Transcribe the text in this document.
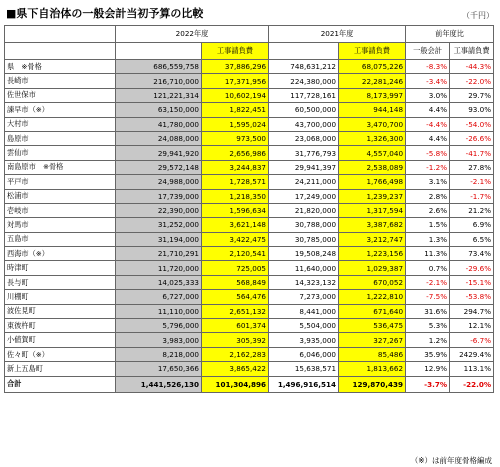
■県下自治体の一般会計当初予算の比較	（千円）
	2022年度		2021年度		前年度比	
		工事請負費		工事請負費	一般会計	工事請負費
県　※骨格	686,559,758	37,886,296	748,631,212	68,075,226	-8.3%	-44.3%
長崎市	216,710,000	17,371,956	224,380,000	22,281,246	-3.4%	-22.0%
佐世保市	121,221,314	10,602,194	117,728,161	8,173,997	3.0%	29.7%
諫早市（※）	63,150,000	1,822,451	60,500,000	944,148	4.4%	93.0%
大村市	41,780,000	1,595,024	43,700,000	3,470,700	-4.4%	-54.0%
島原市	24,088,000	973,500	23,068,000	1,326,300	4.4%	-26.6%
雲仙市	29,941,920	2,656,986	31,776,793	4,557,040	-5.8%	-41.7%
南島原市　※骨格	29,572,148	3,244,837	29,941,397	2,538,089	-1.2%	27.8%
平戸市	24,988,000	1,728,571	24,211,000	1,766,498	3.1%	-2.1%
松浦市	17,739,000	1,218,350	17,249,000	1,239,237	2.8%	-1.7%
壱岐市	22,390,000	1,596,634	21,820,000	1,317,594	2.6%	21.2%
対馬市	31,252,000	3,621,148	30,788,000	3,387,682	1.5%	6.9%
五島市	31,194,000	3,422,475	30,785,000	3,212,747	1.3%	6.5%
西海市（※）	21,710,291	2,120,541	19,508,248	1,223,156	11.3%	73.4%
時津町	11,720,000	725,005	11,640,000	1,029,387	0.7%	-29.6%
長与町	14,025,333	568,849	14,323,132	670,052	-2.1%	-15.1%
川棚町	6,727,000	564,476	7,273,000	1,222,810	-7.5%	-53.8%
波佐見町	11,110,000	2,651,132	8,441,000	671,640	31.6%	294.7%
東彼杵町	5,796,000	601,374	5,504,000	536,475	5.3%	12.1%
小値賀町	3,983,000	305,392	3,935,000	327,267	1.2%	-6.7%
佐々町（※）	8,218,000	2,162,283	6,046,000	85,486	35.9%	2429.4%
新上五島町	17,650,366	3,865,422	15,638,571	1,813,662	12.9%	113.1%
合計	1,441,526,130	101,304,896	1,496,916,514	129,870,439	-3.7%	-22.0%
（※）は前年度骨格編成
